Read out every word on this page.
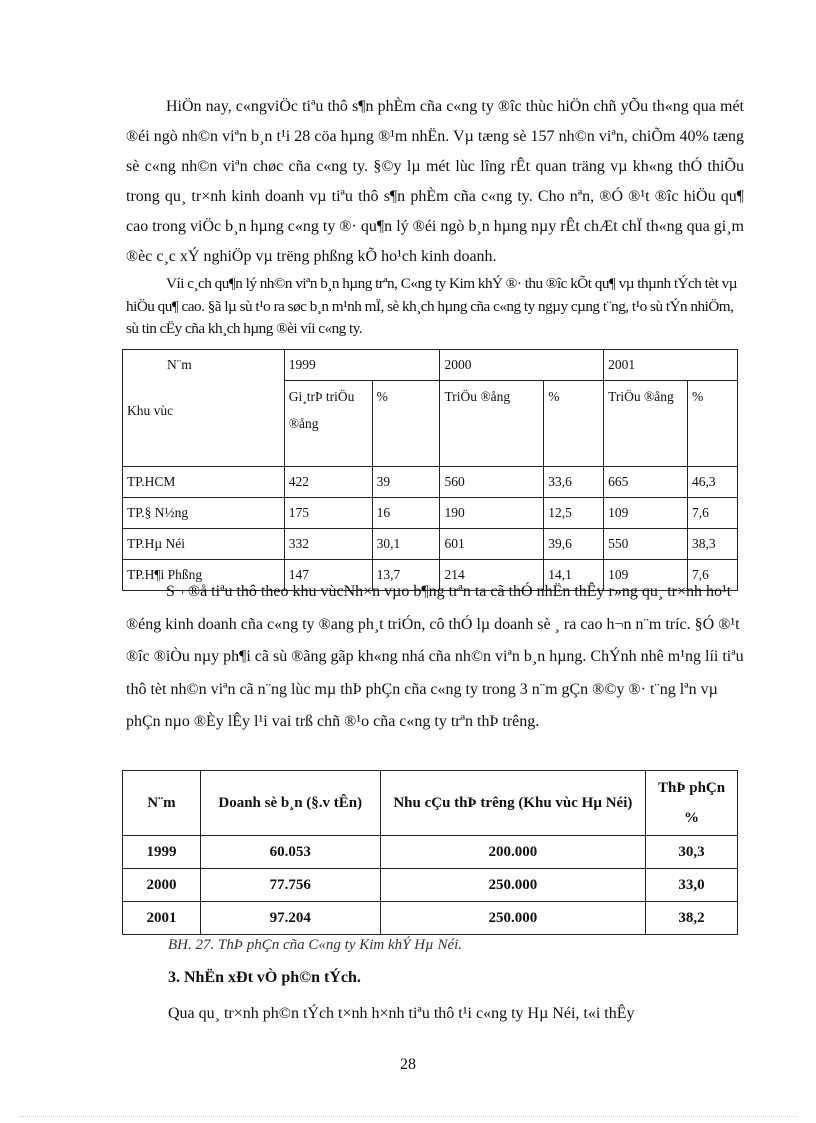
HiÖn nay, c«ngviÖc tiªu thô s¶n phÈm cña c«ng ty ®îc thùc hiÖn chñ yÕu th«ng qua mét ®éi ngò nh©n viªn b¸n t¹i 28 cöa hµng ®¹m nhËn. Vµ tæng sè 157 nh©n viªn, chiÕm 40% tæng sè c«ng nh©n viªn chøc cña c«ng ty. §©y lµ mét lùc lîng rÊt quan träng vµ kh«ng thÓ thiÕu trong qu¸ tr×nh kinh doanh vµ tiªu thô s¶n phÈm cña c«ng ty. Cho nªn, ®Ó ®¹t ®îc hiÖu qu¶ cao trong viÖc b¸n hµng c«ng ty ®· qu¶n lý ®éi ngò b¸n hµng nµy rÊt chÆt chÏ th«ng qua gi¸m ®èc c¸c xÝ nghiÖp vµ trëng phßng kÕ ho¹ch kinh doanh.

Víi c¸ch qu¶n lý nh©n viªn b¸n hµng trªn, C«ng ty Kim khÝ ®· thu ®îc kÕt qu¶ vµ thµnh tÝch tèt vµ hiÖu qu¶ cao. §ã lµ sù t¹o ra søc b¸n m¹nh mÏ, sè kh¸ch hµng cña c«ng ty ngµy cµng t¨ng, t¹o sù tÝn nhiÖm, sù tin cËy cña kh¸ch hµng ®èi víi c«ng ty.

N¨m
Khu vùc	1999		2000		2001	
	Gi¸trÞ triÖu ®ång	%	TriÖu ®ång	%	TriÖu ®ång	%
TP.HCM	422	39	560	33,6	665	46,3
TP.§ N½ng	175	16	190	12,5	109	7,6
TP.Hµ Néi	332	30,1	601	39,6	550	38,3
TP.H¶i Phßng	147	13,7	214	14,1	109	7,6

S¬ ®å tiªu thô theo khu vùcNh×n vµo b¶ng trªn ta cã thÓ nhËn thÊy r»ng qu¸ tr×nh ho¹t ®éng kinh doanh cña c«ng ty ®ang ph¸t triÓn, cô thÓ lµ doanh sè ¸ ra cao h¬n n¨m tríc. §Ó ®¹t ®îc ®iÒu nµy ph¶i cã sù ®ãng gãp kh«ng nhá cña nh©n viªn b¸n hµng. ChÝnh nhê m¹ng líi tiªu thô tèt nh©n viªn cã n¨ng lùc mµ thÞ phÇn cña c«ng ty trong 3 n¨m gÇn ®©y ®· t¨ng lªn vµ phÇn nµo ®Èy lÊy l¹i vai trß chñ ®¹o cña c«ng ty trªn thÞ trêng.

N¨m	Doanh sè b¸n (§.v tÊn)	Nhu cÇu thÞ trêng (Khu vùc Hµ Néi)	ThÞ phÇn %
1999	60.053	200.000	30,3
2000	77.756	250.000	33,0
2001	97.204	250.000	38,2
BH. 27. ThÞ phÇn cña C«ng ty Kim khÝ Hµ Néi.
3. NhËn xÐt vÒ ph©n tÝch.

Qua qu¸ tr×nh ph©n tÝch t×nh h×nh tiªu thô t¹i c«ng ty Hµ Néi, t«i thÊy

28
